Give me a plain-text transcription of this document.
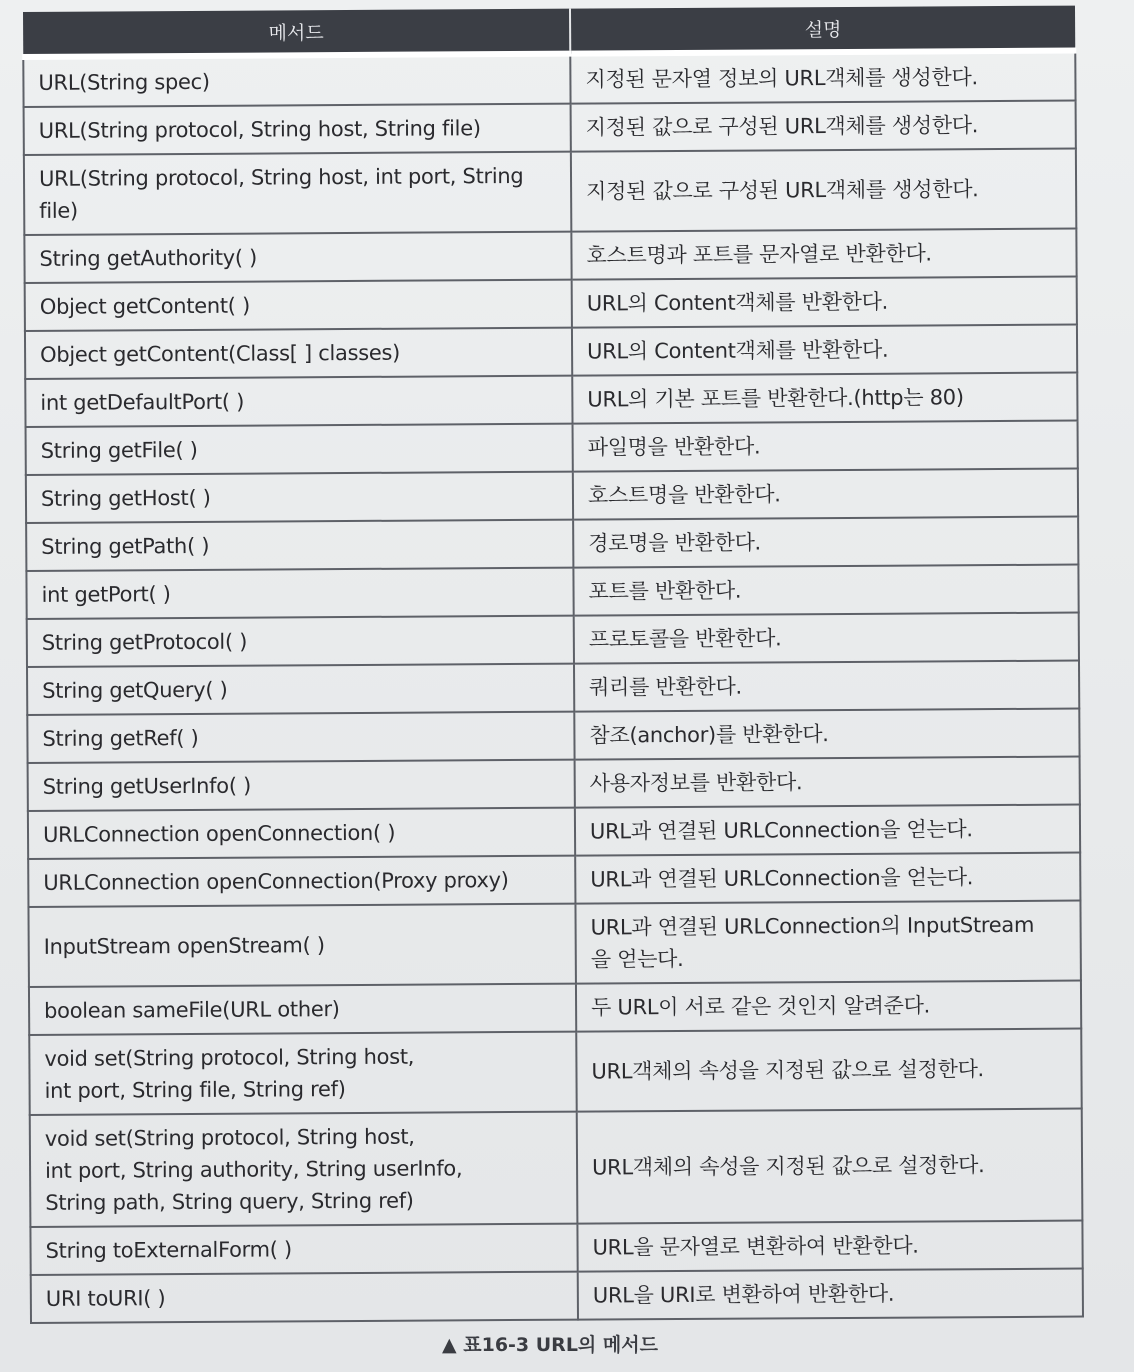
메서드	설명

URL(String spec)	지정된 문자열 정보의 URL객체를 생성한다.

URL(String protocol, String host, String file)	지정된 값으로 구성된 URL객체를 생성한다.

URL(String protocol, String host, int port, String file)	지정된 값으로 구성된 URL객체를 생성한다.

String getAuthority( )	호스트명과 포트를 문자열로 반환한다.

Object getContent( )	URL의 Content객체를 반환한다.

Object getContent(Class[ ] classes)	URL의 Content객체를 반환한다.

int getDefaultPort( )	URL의 기본 포트를 반환한다.(http는 80)

String getFile( )	파일명을 반환한다.

String getHost( )	호스트명을 반환한다.

String getPath( )	경로명을 반환한다.

int getPort( )	포트를 반환한다.

String getProtocol( )	프로토콜을 반환한다.

String getQuery( )	쿼리를 반환한다.

String getRef( )	참조(anchor)를 반환한다.

String getUserInfo( )	사용자정보를 반환한다.

URLConnection openConnection( )	URL과 연결된 URLConnection을 얻는다.

URLConnection openConnection(Proxy proxy)	URL과 연결된 URLConnection을 얻는다.

InputStream openStream( )	URL과 연결된 URLConnection의 InputStream
을 얻는다.

boolean sameFile(URL other)	두 URL이 서로 같은 것인지 알려준다.

void set(String protocol, String host,
int port, String file, String ref)	URL객체의 속성을 지정된 값으로 설정한다.

void set(String protocol, String host,
int port, String authority, String userInfo,
String path, String query, String ref)	URL객체의 속성을 지정된 값으로 설정한다.

String toExternalForm( )	URL을 문자열로 변환하여 반환한다.

URI toURI( )	URL을 URI로 변환하여 반환한다.
▲ 표16-3 URL의 메서드
